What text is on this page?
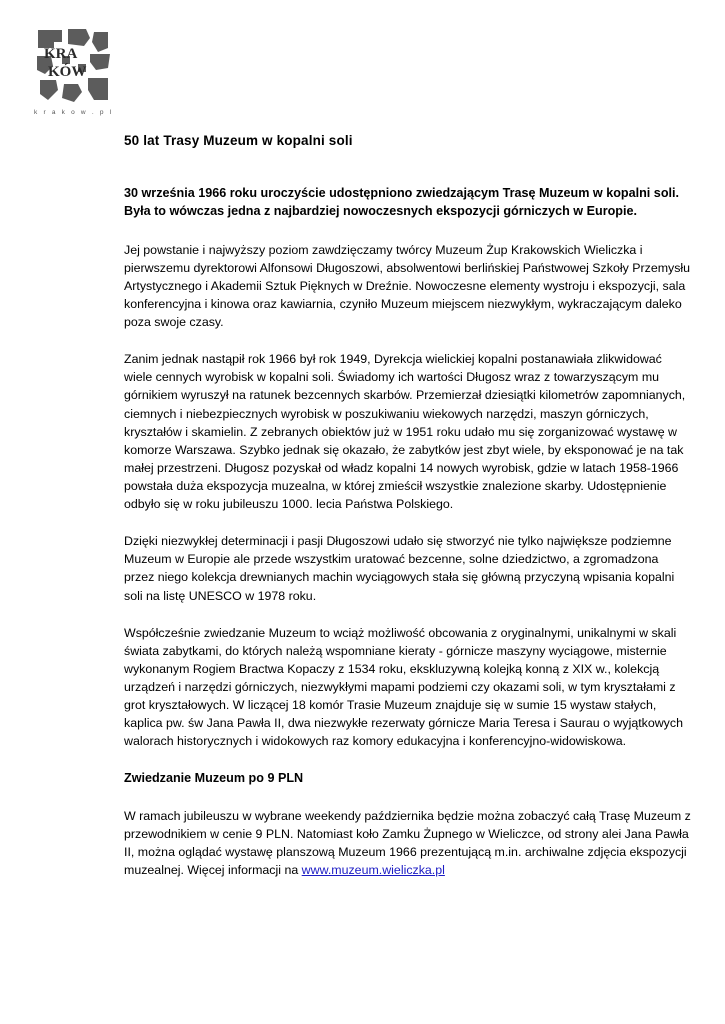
KRA
KÓW
k r a k o w . p l
50 lat Trasy Muzeum w kopalni soli

30 września 1966 roku uroczyście udostępniono zwiedzającym Trasę Muzeum w kopalni soli. Była to wówczas jedna z najbardziej nowoczesnych ekspozycji górniczych w Europie.

Jej powstanie i najwyższy poziom zawdzięczamy twórcy Muzeum Żup Krakowskich Wieliczka i pierwszemu dyrektorowi Alfonsowi Długoszowi, absolwentowi berlińskiej Państwowej Szkoły Przemysłu Artystycznego i Akademii Sztuk Pięknych w Dreźnie. Nowoczesne elementy wystroju i ekspozycji, sala konferencyjna i kinowa oraz kawiarnia, czyniło Muzeum miejscem niezwykłym, wykraczającym daleko poza swoje czasy.

Zanim jednak nastąpił rok 1966 był rok 1949, Dyrekcja wielickiej kopalni postanawiała zlikwidować wiele cennych wyrobisk w kopalni soli. Świadomy ich wartości Długosz wraz z towarzyszącym mu górnikiem wyruszył na ratunek bezcennych skarbów. Przemierzał dziesiątki kilometrów zapomnianych, ciemnych i niebezpiecznych wyrobisk w poszukiwaniu wiekowych narzędzi, maszyn górniczych, kryształów i skamielin. Z zebranych obiektów już w 1951 roku udało mu się zorganizować wystawę w komorze Warszawa. Szybko jednak się okazało, że zabytków jest zbyt wiele, by eksponować je na tak małej przestrzeni. Długosz pozyskał od władz kopalni 14 nowych wyrobisk, gdzie w latach 1958-1966 powstała duża ekspozycja muzealna, w której zmieścił wszystkie znalezione skarby. Udostępnienie odbyło się w roku jubileuszu 1000. lecia Państwa Polskiego.

Dzięki niezwykłej determinacji i pasji Długoszowi udało się stworzyć nie tylko największe podziemne Muzeum w Europie ale przede wszystkim uratować bezcenne, solne dziedzictwo, a zgromadzona przez niego kolekcja drewnianych machin wyciągowych stała się główną przyczyną wpisania kopalni soli na listę UNESCO w 1978 roku.

Współcześnie zwiedzanie Muzeum to wciąż możliwość obcowania z oryginalnymi, unikalnymi w skali świata zabytkami, do których należą wspomniane kieraty - górnicze maszyny wyciągowe, misternie wykonanym Rogiem Bractwa Kopaczy z 1534 roku, ekskluzywną kolejką konną z XIX w., kolekcją urządzeń i narzędzi górniczych, niezwykłymi mapami podziemi czy okazami soli, w tym kryształami z grot kryształowych. W liczącej 18 komór Trasie Muzeum znajduje się w sumie 15 wystaw stałych, kaplica pw. św Jana Pawła II, dwa niezwykłe rezerwaty górnicze Maria Teresa i Saurau o wyjątkowych walorach historycznych i widokowych raz komory edukacyjna i konferencyjno-widowiskowa.

Zwiedzanie Muzeum po 9 PLN

W ramach jubileuszu w wybrane weekendy października będzie można zobaczyć całą Trasę Muzeum z przewodnikiem w cenie 9 PLN. Natomiast koło Zamku Żupnego w Wieliczce, od strony alei Jana Pawła II, można oglądać wystawę planszową Muzeum 1966 prezentującą m.in. archiwalne zdjęcia ekspozycji muzealnej. Więcej informacji na www.muzeum.wieliczka.pl
